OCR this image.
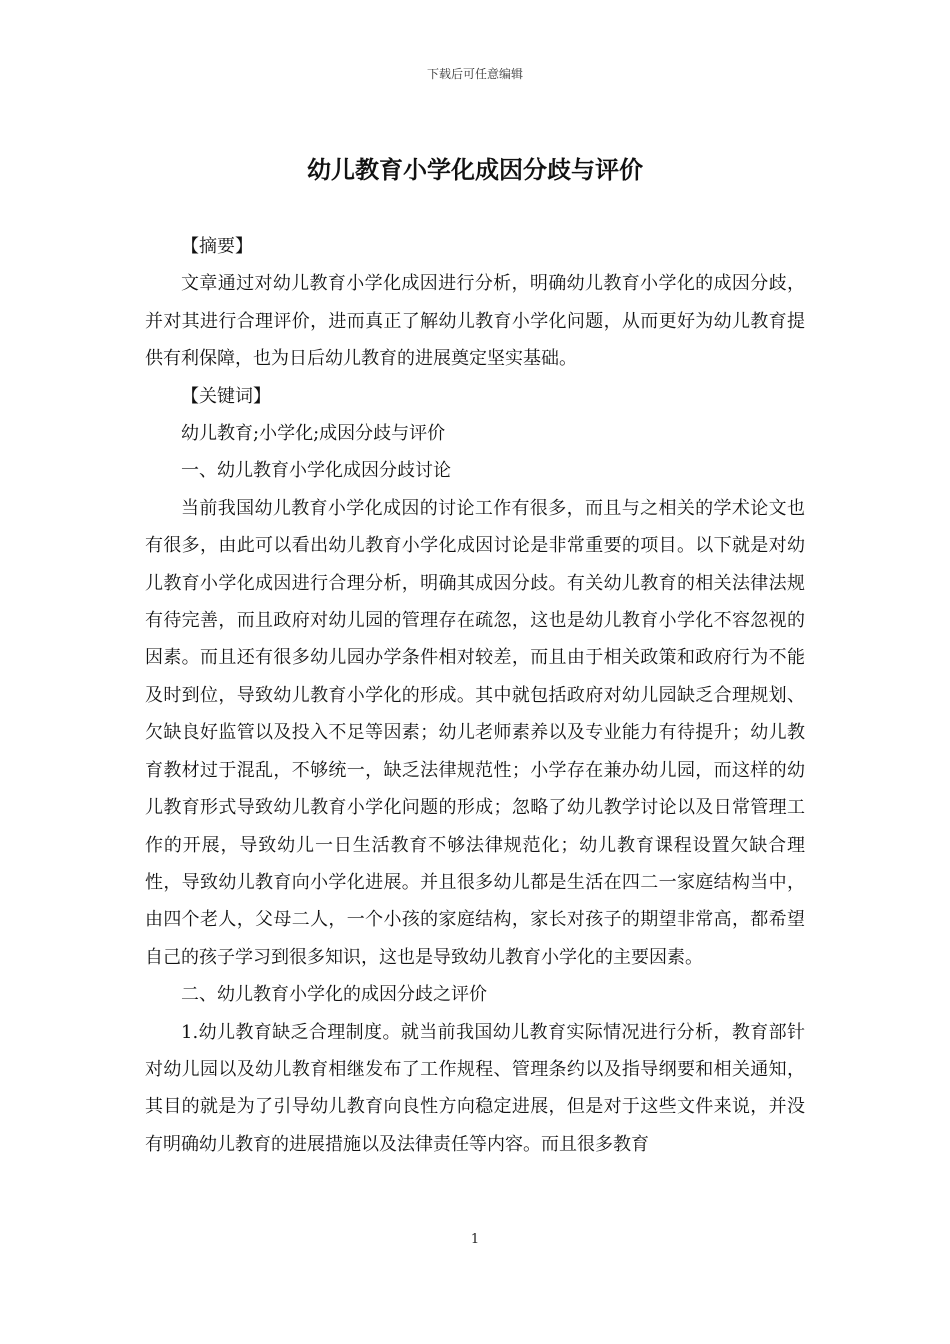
下载后可任意编辑
幼儿教育小学化成因分歧与评价

【摘要】

文章通过对幼儿教育小学化成因进行分析，明确幼儿教育小学化的成因分歧，并对其进行合理评价，进而真正了解幼儿教育小学化问题，从而更好为幼儿教育提供有利保障，也为日后幼儿教育的进展奠定坚实基础。

【关键词】

幼儿教育;小学化;成因分歧与评价

一、幼儿教育小学化成因分歧讨论

当前我国幼儿教育小学化成因的讨论工作有很多，而且与之相关的学术论文也有很多，由此可以看出幼儿教育小学化成因讨论是非常重要的项目。以下就是对幼儿教育小学化成因进行合理分析，明确其成因分歧。有关幼儿教育的相关法律法规有待完善，而且政府对幼儿园的管理存在疏忽，这也是幼儿教育小学化不容忽视的因素。而且还有很多幼儿园办学条件相对较差，而且由于相关政策和政府行为不能及时到位，导致幼儿教育小学化的形成。其中就包括政府对幼儿园缺乏合理规划、欠缺良好监管以及投入不足等因素；幼儿老师素养以及专业能力有待提升；幼儿教育教材过于混乱，不够统一，缺乏法律规范性；小学存在兼办幼儿园，而这样的幼儿教育形式导致幼儿教育小学化问题的形成；忽略了幼儿教学讨论以及日常管理工作的开展，导致幼儿一日生活教育不够法律规范化；幼儿教育课程设置欠缺合理性，导致幼儿教育向小学化进展。并且很多幼儿都是生活在四二一家庭结构当中，由四个老人，父母二人，一个小孩的家庭结构，家长对孩子的期望非常高，都希望自己的孩子学习到很多知识，这也是导致幼儿教育小学化的主要因素。

二、幼儿教育小学化的成因分歧之评价

1.幼儿教育缺乏合理制度。就当前我国幼儿教育实际情况进行分析，教育部针对幼儿园以及幼儿教育相继发布了工作规程、管理条约以及指导纲要和相关通知，其目的就是为了引导幼儿教育向良性方向稳定进展，但是对于这些文件来说，并没有明确幼儿教育的进展措施以及法律责任等内容。而且很多教育

1
